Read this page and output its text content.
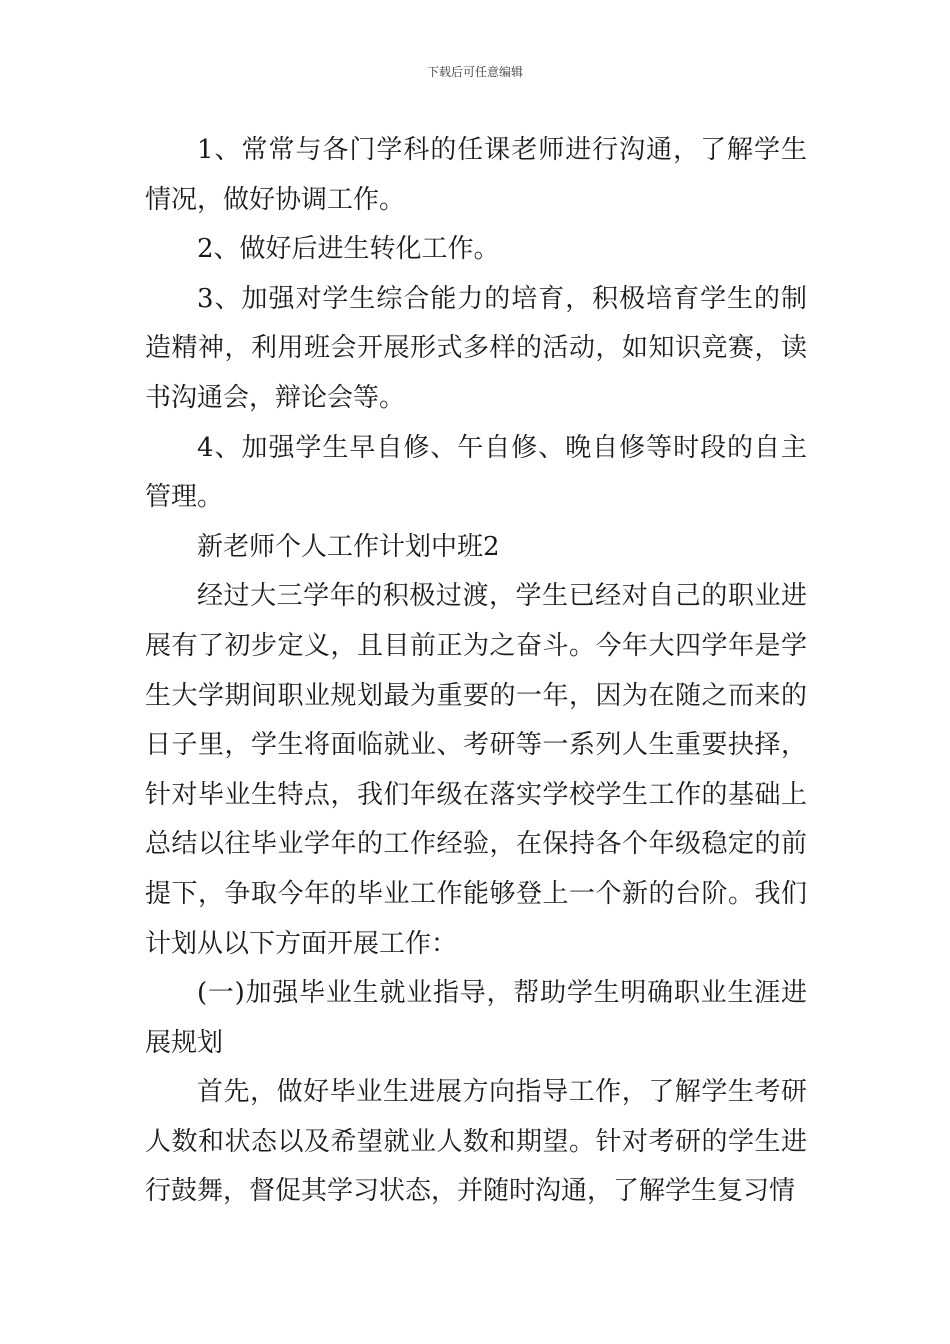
下载后可任意编辑

1、常常与各门学科的任课老师进行沟通，了解学生情况，做好协调工作。

2、做好后进生转化工作。

3、加强对学生综合能力的培育，积极培育学生的制造精神，利用班会开展形式多样的活动，如知识竞赛，读书沟通会，辩论会等。

4、加强学生早自修、午自修、晚自修等时段的自主管理。

新老师个人工作计划中班2

经过大三学年的积极过渡，学生已经对自己的职业进展有了初步定义，且目前正为之奋斗。今年大四学年是学生大学期间职业规划最为重要的一年，因为在随之而来的日子里，学生将面临就业、考研等一系列人生重要抉择，针对毕业生特点，我们年级在落实学校学生工作的基础上总结以往毕业学年的工作经验，在保持各个年级稳定的前提下，争取今年的毕业工作能够登上一个新的台阶。我们计划从以下方面开展工作：

(一)加强毕业生就业指导，帮助学生明确职业生涯进展规划

首先，做好毕业生进展方向指导工作，了解学生考研人数和状态以及希望就业人数和期望。针对考研的学生进行鼓舞，督促其学习状态，并随时沟通，了解学生复习情
